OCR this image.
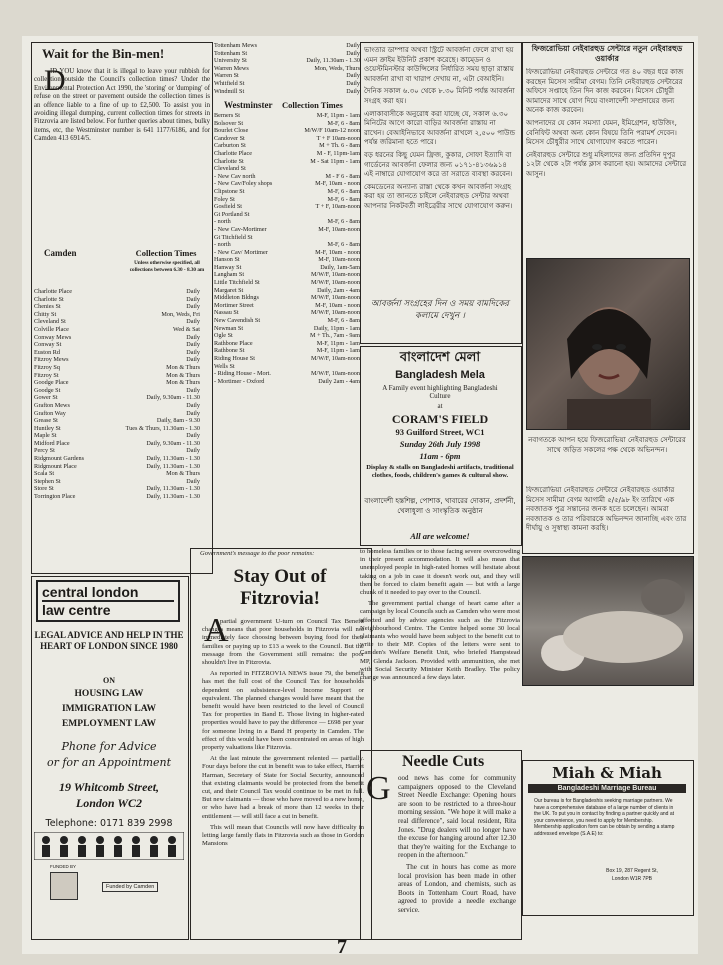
Wait for the Bin-men!
D
ID YOU know that it is illegal to leave your rubbish for collection outside the Council's collection times? Under the Environmental Protection Act 1990, the 'storing' or 'dumping' of refuse on the street or pavement outside the collection times is an offence liable to a fine of up to £2,500. To assist you in avoiding illegal dumping, current collection times for streets in Fitzrovia are listed below. For further queries about times, bulky items, etc, the Westminster number is 641 1177/6186, and for Camden 413 6914/5.
Camden	Collection Times
Unless otherwise specified, all collections between 6.30 - 8.30 am
Charlotte Place	Daily
Charlotte St	Daily
Chenies St	Daily
Chitty St	Mon, Weds, Fri
Cleveland St	Daily
Colville Place	Wed & Sat
Conway Mews	Daily
Conway St	Daily
Euston Rd	Daily
Fitzroy Mews	Daily
Fitzroy Sq	Mon & Thurs
Fitzroy St	Mon & Thurs
Goodge Place	Mon & Thurs
Goodge St	Daily
Gower St	Daily, 9.30am - 11.30
Grafton Mews	Daily
Grafton Way	Daily
Grease St	Daily, 8am - 9.30
Huntley St	Tues & Thurs, 11.30am - 1.30
Maple St	Daily
Midford Place	Daily, 9.30am - 11.30
Percy St	Daily
Ridgmount Gardens	Daily, 11.30am - 1.30
Ridgmount Place	Daily, 11.30am - 1.30
Scala St	Mon & Thurs
Stephen St	Daily
Store St	Daily, 11.30am - 1.30
Torrington Place	Daily, 11.30am - 1.30
Tottenham Mews	Daily
Tottenham St	Daily
University St	Daily, 11.30am - 1.30
Warren Mews	Mon, Weds, Thurs
Warren St	Daily
Whitfield St	Daily
Windmill St	Daily
Westminster Collection Times
Berners St	M-F, 11pm - 1am
Bolsover St	M-F, 6 - 8am
Bourlet Close	M/W/F 10am-12 noon
Candover St	T + F 10am-noon
Carburton St	M + Th. 6 - 8am
Charlotte Place	M - F, 11pm-1am
Charlotte St	M - Sat 11pm - 1am
Cleveland St
- New Cav north	M - F 6 - 8am
- New Cav/Foley shops	M-F, 10am - noon
Clipstone St	M-F, 6 - 8am
Foley St	M-F, 6 - 8am
Gosfield St	T + F, 10am-noon
Gt Portland St
- north	M-F, 6 - 8am
- New Cav-Mortimer	M-F, 10am-noon
Gt Titchfield St
- north	M-F, 6 - 8am
- New Cav/ Mortimer	M-F, 10am - noon
Hanson St	M-F, 10am-noon
Hanway St	Daily, 1am-5am
Langham St	M/W/F, 10am-noon
Little Titchfield St	M/W/F, 10am-noon
Margaret St	Daily, 2am - 4am
Middleton Bldngs	M/W/F, 10am-noon
Mortimer Street	M-F, 10am - noon
Nassau St	M/W/F, 10am-noon
New Cavendish St	M-F, 6 - 8am
Newman St	Daily, 11pm - 1am
Ogle St	M + Th., 7am - 9am
Rathbone Place	M-F, 11pm - 1am
Rathbone St	M-F, 11pm - 1am
Riding House St	M/W/F, 10am-noon
Wells St
- Riding House - Mort.	M/W/F, 10am-noon
- Mortimer - Oxford	Daily 2am - 4am
central london
law centre
LEGAL ADVICE AND HELP IN THE HEART OF LONDON SINCE 1980
ON
HOUSING LAW
IMMIGRATION LAW
EMPLOYMENT LAW
Phone for Advice
or for an Appointment
19 Whitcomb Street,
London WC2
Telephone: 0171 839 2998
FUNDED BY
Funded by Camden
Government's message to the poor remains:
Stay Out of
Fitzrovia!
A

partial government U-turn on Council Tax Benefit changes means that poor households in Fitzrovia will not immediately face choosing between buying food for their families or paying up to £13 a week to the Council. But the message from the Government still remains: the poor shouldn't live in Fitzrovia.

As reported in FITZROVIA NEWS issue 79, the benefit has met the full cost of the Council Tax for households dependent on subsistence-level Income Support or equivalent. The planned changes would have meant that the benefit would have been restricted to the level of Council Tax for properties in Band E. Those living in higher-rated properties would have to pay the difference — £698 per year for someone living in a Band H property in Camden. The effect of this would have been concentrated on areas of high property valuations like Fitzrovia.

At the last minute the government relented — partially. Four days before the cut in benefit was to take effect, Harriet Harman, Secretary of State for Social Security, announced that existing claimants would be protected from the benefit cut, and their Council Tax would continue to be met in full. But new claimants — those who have moved to a new home, or who have had a break of more than 12 weeks in their entitlement — will still face a cut in benefit.

This will mean that Councils will now have difficulty in letting large family flats in Fitzrovia such as those in Gordon Mansions

to homeless families or to those facing severe overcrowding in their present accommodation. It will also mean that unemployed people in high-rated homes will hesitate about taking on a job in case it doesn't work out, and they will then be forced to claim benefit again — but with a large chunk of it needed to pay over to the Council.

The government partial change of heart came after a campaign by local Councils such as Camden who were most affected and by advice agencies such as the Fitzrovia Neighbourhood Centre. The Centre helped some 30 local claimants who would have been subject to the benefit cut to write to their MP. Copies of the letters were sent to Camden's Welfare Benefit Unit, who briefed Hampstead MP, Glenda Jackson. Provided with ammunition, she met with Social Security Minister Keith Bradley. The policy change was announced a few days later.

ভাংতার ডাম্পার অথবা স্ট্রিটে আবর্জনা ফেলে রাখা হয় এমন ক্রাইম ইউনিট প্রকাশ করেছে। কাম্ডেন ও ওয়েস্টমিনস্টার কাউন্সিলের নির্ধারিত সময় ছাড়া রাস্তায় আবর্জনা রাখা বা খারাপ দেখায় না, এটা বেআইনি।

দৈনিক সকাল ৬.৩০ থেকে ৮.৩০ মিনিট পর্যন্ত আবর্জনা সংগ্রহ করা হয়।

এলাকাবাসীকে অনুরোধ করা যাচ্ছে যে, সকাল ৬.৩০ মিনিটের আগে কারো বাড়ির আবর্জনা রাস্তায় না রাখেন। বেআইনিভাবে আবর্জনা রাখলে ২,৫০০ পাউন্ড পর্যন্ত জরিমানা হতে পারে।

বড় ধরনের কিছু যেমন ফ্রিজ, কুকার, সোফা ইত্যাদি বা গার্ডেনের আবর্জনা ফেলার জন্য ০১৭১-৪১৩৬৯১৪ এই নাম্বারে যোগাযোগ করে তা সরাতে ব্যবস্থা করবেন।

কেমডেনের অন্যান্য রাস্তা থেকে কখন আবর্জনা সংগ্রহ করা হয় তা জানতে চাইলে নেইবারহুড সেন্টার অথবা আপনার নিকটবর্তী লাইব্রেরীর সাথে যোগাযোগ করুন।

আবর্জনা সংগ্রহের দিন ও সময় বামদিকের কলামে দেখুন ।
বাংলাদেশ মেলা
Bangladesh Mela
A Family event highlighting Bangladeshi Culture
at
CORAM'S FIELD
93 Guilford Street, WC1
Sunday 26th July 1998
11am - 6pm
Display & stalls on Bangladeshi artifacts, traditional clothes, foods, children's games & cultural show.
বাংলাদেশী হস্তশিল্প, পোশাক, খাবারের দোকান, প্রদর্শনী, খেলাধুলা ও সাংস্কৃতিক অনুষ্ঠান
All are welcome!
ফিজরোভিয়া নেইবারহুড সেন্টারে নতুন নেইবারহুড ওয়ার্কার

ফিজরোভিয়া নেইবারহুড সেন্টারে গত ৪০ বছর ধরে কাজ করছেন মিসেস সামীমা বেগম। তিনি নেইবারহুড সেন্টারের অফিসে সপ্তাহে তিন দিন কাজ করবেন। মিসেস চৌধুরী আমাদের সাথে যোগ দিয়ে বাংলাদেশী সম্প্রদায়ের জন্য অনেক কাজ করবেন।

আপনাদের যে কোন সমস্যা যেমন, ইমিগ্রেশন, হাউজিং, বেনিফিট অথবা অন্য কোন বিষয়ে তিনি পরামর্শ দেবেন। মিসেস চৌধুরীর সাথে যোগাযোগ করতে পারেন।

নেইবারহুড সেন্টারে শুধু মহিলাদের জন্য প্রতিদিন দুপুর ১২টা থেকে ২টা পর্যন্ত ক্লাস করানো হয়। আমাদের সেন্টারে আসুন।

নবাগতকে আপন হয়ে ফিজরোভিয়া নেইবারহুড সেন্টারের সাথে জড়িত সকলের পক্ষ থেকে অভিনন্দন।
ফিজরোভিয়া নেইবারহুড সেন্টারে নেইবারহুড ওয়ার্কার মিসেস সামীমা বেগম আগামী ৫/৫/৯৮ ইং তারিখে এক নবজাতক পুত্র সন্তানের জনক হতে চলেছেন। আমরা নবজাতক ও তার পরিবারকে অভিনন্দন জানাচ্ছি এবং তার দীর্ঘায়ু ও সুস্বাস্থ্য কামনা করছি।
Needle Cuts
G ood news has come for community campaigners opposed to the Cleveland Street Needle Exchange: Opening hours are soon to be restricted to a three-hour morning session. "We hope it will make a real difference", said local resident, Rita Jones. "Drug dealers will no longer have the excuse for hanging around after 12.30 that they're waiting for the Exchange to reopen in the afternoon."

The cut in hours has come as more local provision has been made in other areas of London, and chemists, such as Boots in Tottenham Court Road, have agreed to provide a needle exchange service.

Miah & Miah
Bangladeshi Marriage Bureau
Our bureau is for Bangladeshis seeking marriage partners. We have a comprehensive database of a large number of clients in the UK. To put you in contact by finding a partner quickly and at your convenience, you need to apply for Membership. Membership application form can be obtain by sending a stamp addressed envelope (S.A.E) to:
Box 19, 287 Regent St,
London W1R 7PB
7
